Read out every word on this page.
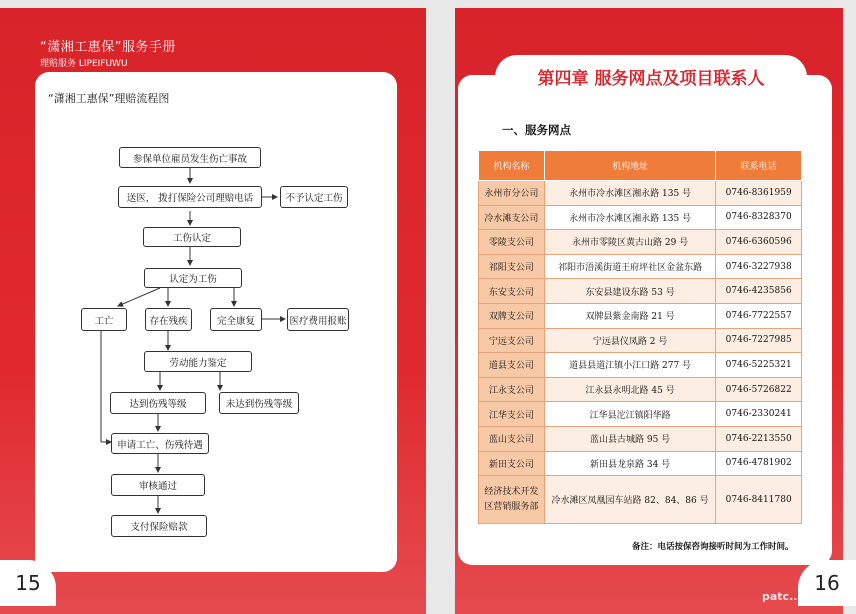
“潇湘工惠保”服务手册
理赔服务 LIPEIFUWU
“潇湘工惠保”理赔流程图
参保单位雇员发生伤亡事故
送医， 拨打保险公司理赔电话	不予认定工伤
工伤认定
认定为工伤
工亡	存在残疾	完全康复	医疗费用报账
劳动能力鉴定
达到伤残等级	未达到伤残等级
申请工亡、伤残待遇
审核通过
支付保险赔款
15
第四章 服务网点及项目联系人
一、服务网点
机构名称	机构地址	联系电话
永州市分公司	永州市冷水滩区湘永路 135 号	0746-8361959
冷水滩支公司	永州市冷水滩区湘永路 135 号	0746-8328370
零陵支公司	永州市零陵区黄古山路 29 号	0746-6360596
祁阳支公司	祁阳市浯溪街道王府坪社区金盆东路	0746-3227938
东安支公司	东安县建设东路 53 号	0746-4235856
双牌支公司	双牌县紫金南路 21 号	0746-7722557
宁远支公司	宁远县仪凤路 2 号	0746-7227985
道县支公司	道县县道江镇小江口路 277 号	0746-5225321
江永支公司	江永县永明北路 45 号	0746-5726822
江华支公司	江华县沱江镇阳华路	0746-2330241
蓝山支公司	蓝山县古城路 95 号	0746-2213550
新田支公司	新田县龙泉路 34 号	0746-4781902
经济技术开发区营销服务部	冷水滩区凤凰园车站路 82、84、86 号	0746-8411780
备注：电话按保咨询接听时间为工作时间。
16
patc...com
